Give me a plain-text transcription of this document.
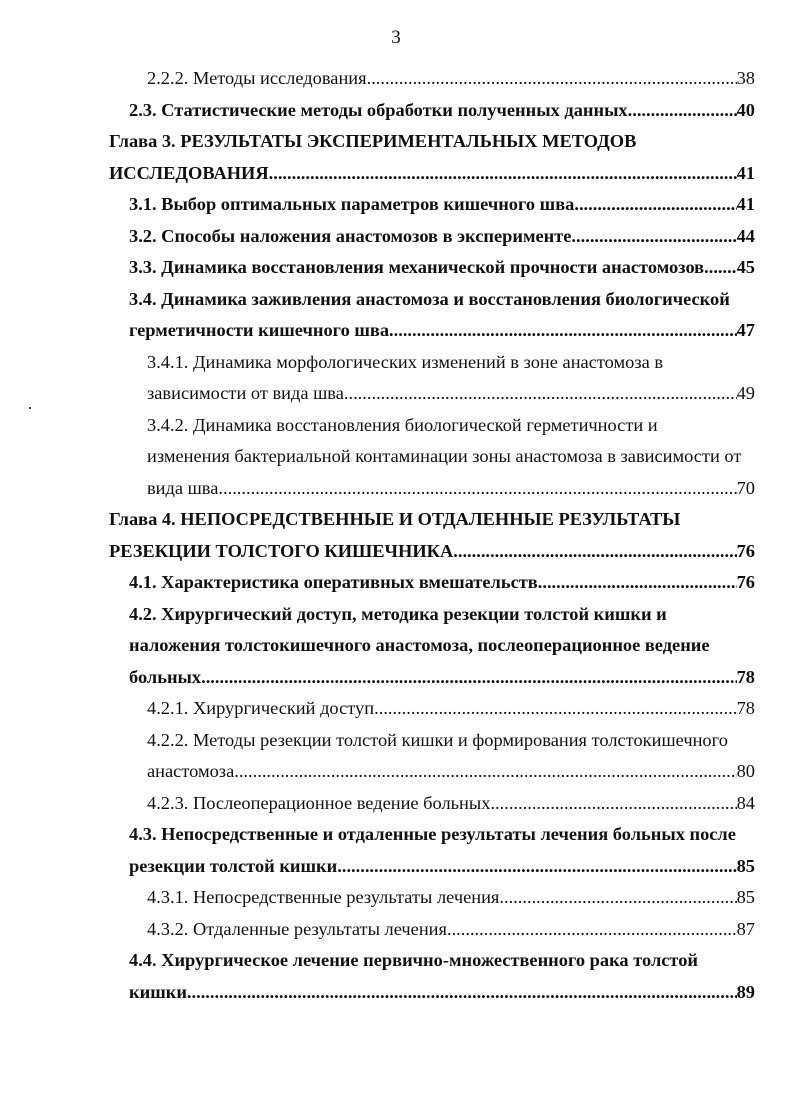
3
2.2.2. Методы исследования. .....	38
2.3. Статистические методы обработки полученных данных. .....	40
Глава 3. РЕЗУЛЬТАТЫ ЭКСПЕРИМЕНТАЛЬНЫХ МЕТОДОВ
ИССЛЕДОВАНИЯ. .....	41
3.1. Выбор оптимальных параметров кишечного шва. .....	41
3.2. Способы наложения анастомозов в эксперименте. .....	44
3.3. Динамика восстановления механической прочности анастомозов. ..... 45
3.4. Динамика заживления анастомоза и восстановления биологической
герметичности кишечного шва. .....	47
3.4.1. Динамика морфологических изменений в зоне анастомоза в
зависимости от вида шва. .....	49
3.4.2. Динамика восстановления биологической герметичности и
изменения бактериальной контаминации зоны анастомоза в зависимости от
вида шва. .....	70
Глава 4. НЕПОСРЕДСТВЕННЫЕ И ОТДАЛЕННЫЕ РЕЗУЛЬТАТЫ
РЕЗЕКЦИИ ТОЛСТОГО КИШЕЧНИКА. .....	76
4.1. Характеристика оперативных вмешательств. .....	76
4.2. Хирургический доступ, методика резекции толстой кишки и
наложения толстокишечного анастомоза, послеоперационное ведение
больных .....	78
4.2.1. Хирургический доступ. .....	78
4.2.2. Методы резекции толстой кишки и формирования толстокишечного
анастомоза. .....	80
4.2.3. Послеоперационное ведение больных. .....	84
4.3. Непосредственные и отдаленные результаты лечения больных после
резекции толстой кишки. .....	85
4.3.1. Непосредственные результаты лечения. .....	85
4.3.2. Отдаленные результаты лечения. .....	87
4.4. Хирургическое лечение первично-множественного рака толстой
кишки. .....	89
